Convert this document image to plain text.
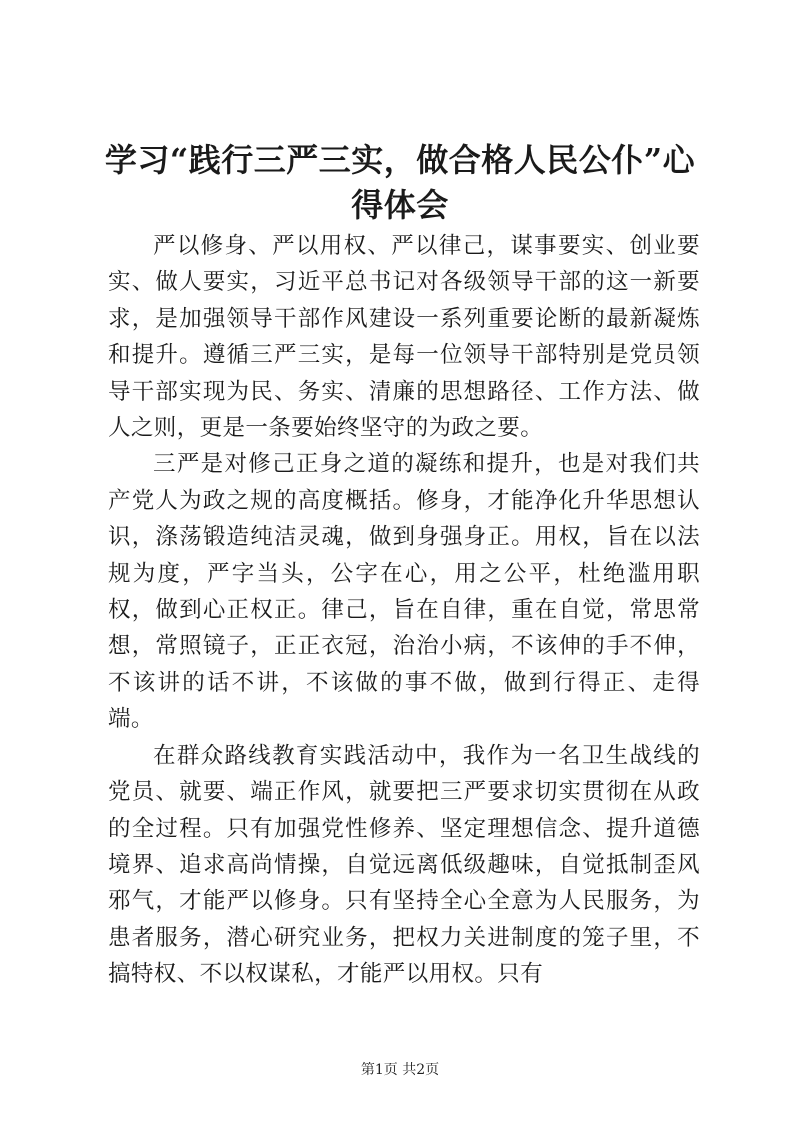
学习“践行三严三实，做合格人民公仆”心得体会

严以修身、严以用权、严以律己，谋事要实、创业要实、做人要实，习近平总书记对各级领导干部的这一新要求，是加强领导干部作风建设一系列重要论断的最新凝炼和提升。遵循三严三实，是每一位领导干部特别是党员领导干部实现为民、务实、清廉的思想路径、工作方法、做人之则，更是一条要始终坚守的为政之要。

三严是对修己正身之道的凝练和提升，也是对我们共产党人为政之规的高度概括。修身，才能净化升华思想认识，涤荡锻造纯洁灵魂，做到身强身正。用权，旨在以法规为度，严字当头，公字在心，用之公平，杜绝滥用职权，做到心正权正。律己，旨在自律，重在自觉，常思常想，常照镜子，正正衣冠，治治小病，不该伸的手不伸，不该讲的话不讲，不该做的事不做，做到行得正、走得端。

在群众路线教育实践活动中，我作为一名卫生战线的党员、就要、端正作风，就要把三严要求切实贯彻在从政的全过程。只有加强党性修养、坚定理想信念、提升道德境界、追求高尚情操，自觉远离低级趣味，自觉抵制歪风邪气，才能严以修身。只有坚持全心全意为人民服务，为患者服务，潜心研究业务，把权力关进制度的笼子里，不搞特权、不以权谋私，才能严以用权。只有

第1页 共2页
